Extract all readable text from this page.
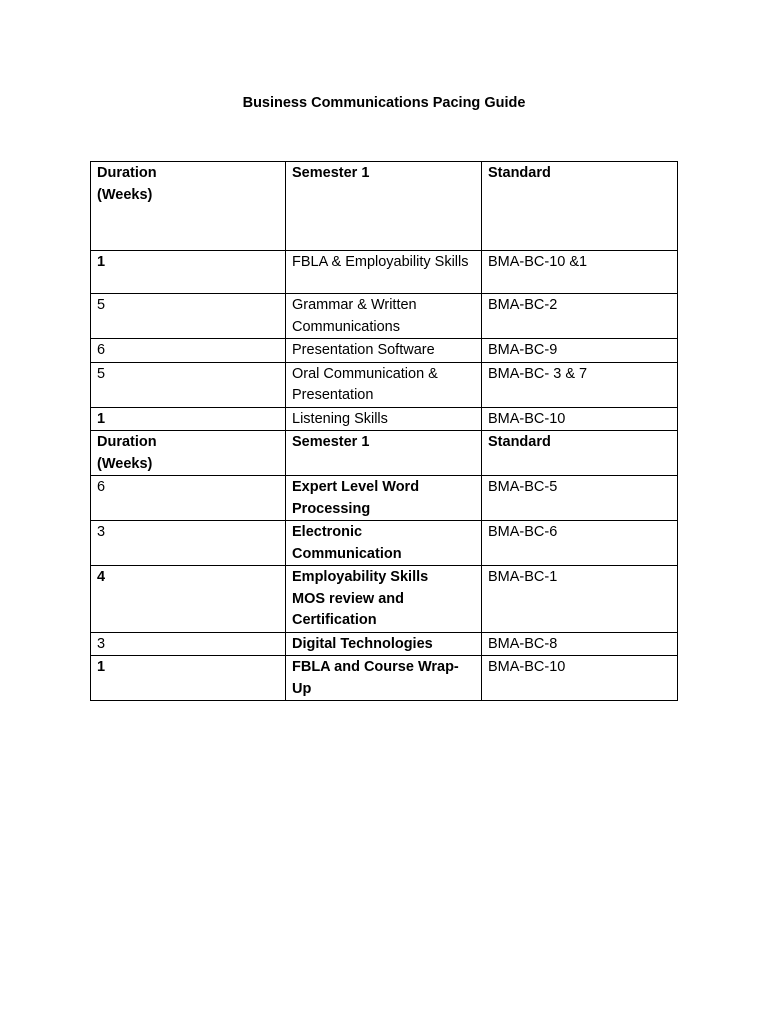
Business Communications Pacing Guide
Duration (Weeks)	Semester 1	Standard
1	FBLA & Employability Skills	BMA-BC-10 &1
5	Grammar & Written Communications	BMA-BC-2
6	Presentation Software	BMA-BC-9
5	Oral Communication & Presentation	BMA-BC- 3 & 7
1	Listening Skills	BMA-BC-10

Duration (Weeks)	Semester 1	Standard
6	Expert Level Word Processing	BMA-BC-5
3	Electronic Communication	BMA-BC-6
4	Employability Skills MOS review and Certification	BMA-BC-1
3	Digital Technologies	BMA-BC-8
1	FBLA and Course Wrap-Up	BMA-BC-10
